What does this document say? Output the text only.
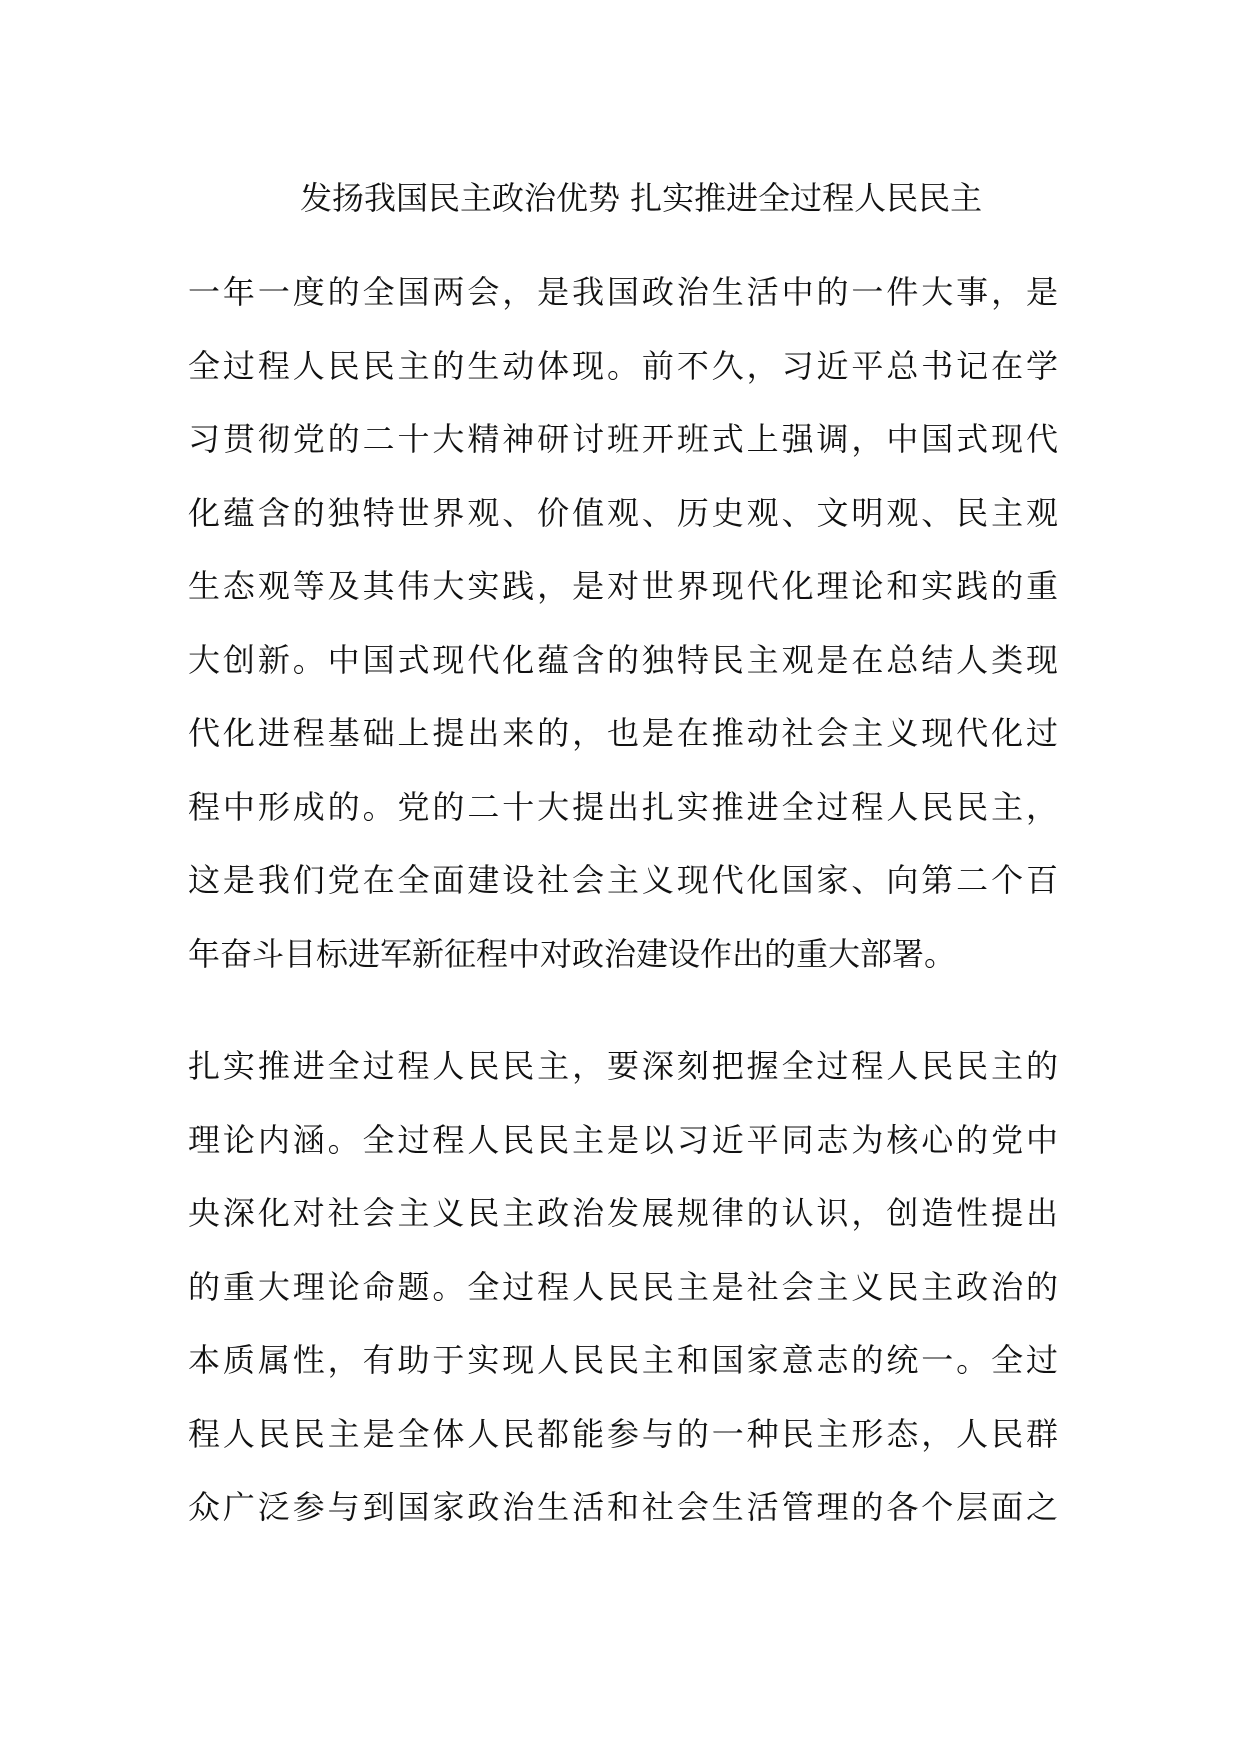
发扬我国民主政治优势 扎实推进全过程人民民主
一年一度的全国两会，是我国政治生活中的一件大事，是
全过程人民民主的生动体现。前不久，习近平总书记在学
习贯彻党的二十大精神研讨班开班式上强调，中国式现代
化蕴含的独特世界观、价值观、历史观、文明观、民主观
生态观等及其伟大实践，是对世界现代化理论和实践的重
大创新。中国式现代化蕴含的独特民主观是在总结人类现
代化进程基础上提出来的，也是在推动社会主义现代化过
程中形成的。党的二十大提出扎实推进全过程人民民主，
这是我们党在全面建设社会主义现代化国家、向第二个百
年奋斗目标进军新征程中对政治建设作出的重大部署。
扎实推进全过程人民民主，要深刻把握全过程人民民主的
理论内涵。全过程人民民主是以习近平同志为核心的党中
央深化对社会主义民主政治发展规律的认识，创造性提出
的重大理论命题。全过程人民民主是社会主义民主政治的
本质属性，有助于实现人民民主和国家意志的统一。全过
程人民民主是全体人民都能参与的一种民主形态，人民群
众广泛参与到国家政治生活和社会生活管理的各个层面之
